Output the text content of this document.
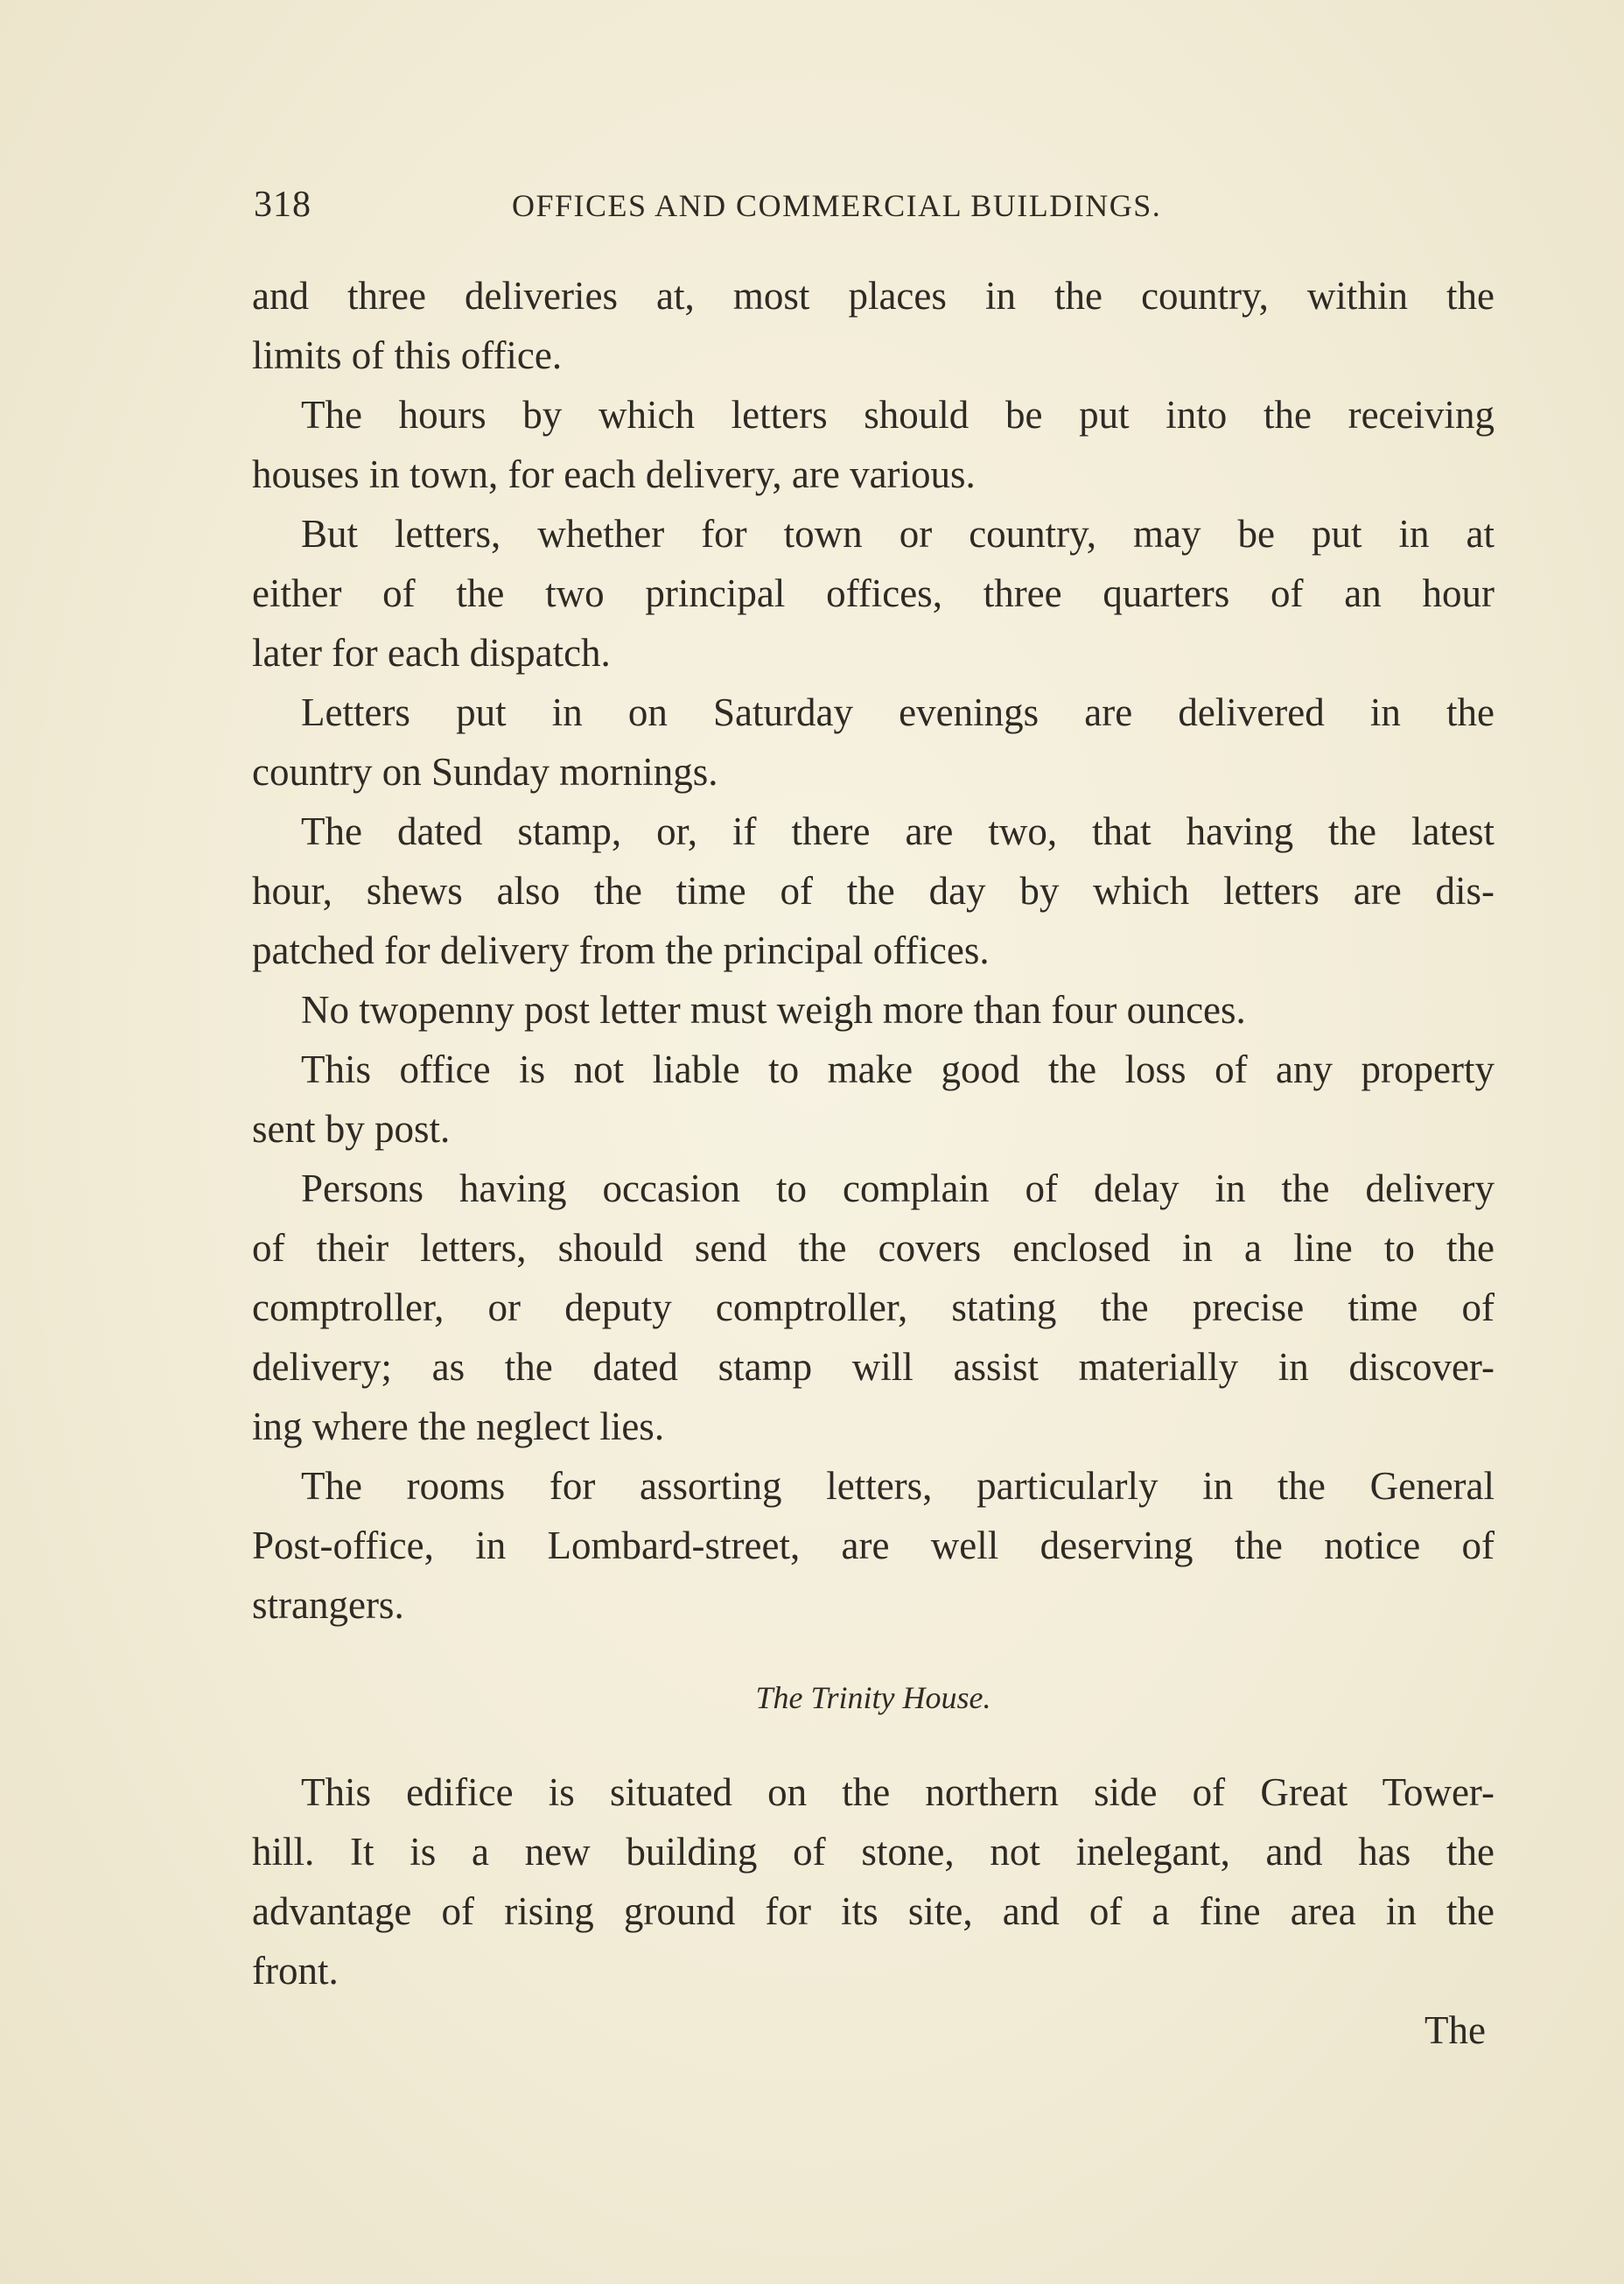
318	OFFICES AND COMMERCIAL BUILDINGS.
and three deliveries at, most places in the country, within the
limits of this office.
The hours by which letters should be put into the receiving
houses in town, for each delivery, are various.
But letters, whether for town or country, may be put in at
either of the two principal offices, three quarters of an hour
later for each dispatch.
Letters put in on Saturday evenings are delivered in the
country on Sunday mornings.
The dated stamp, or, if there are two, that having the latest
hour, shews also the time of the day by which letters are dis-
patched for delivery from the principal offices.
No twopenny post letter must weigh more than four ounces.
This office is not liable to make good the loss of any property
sent by post.
Persons having occasion to complain of delay in the delivery
of their letters, should send the covers enclosed in a line to the
comptroller, or deputy comptroller, stating the precise time of
delivery; as the dated stamp will assist materially in discover-
ing where the neglect lies.
The rooms for assorting letters, particularly in the General
Post-office, in Lombard-street, are well deserving the notice of
strangers.
The Trinity House.
This edifice is situated on the northern side of Great Tower-
hill. It is a new building of stone, not inelegant, and has the
advantage of rising ground for its site, and of a fine area in the
front.
The
